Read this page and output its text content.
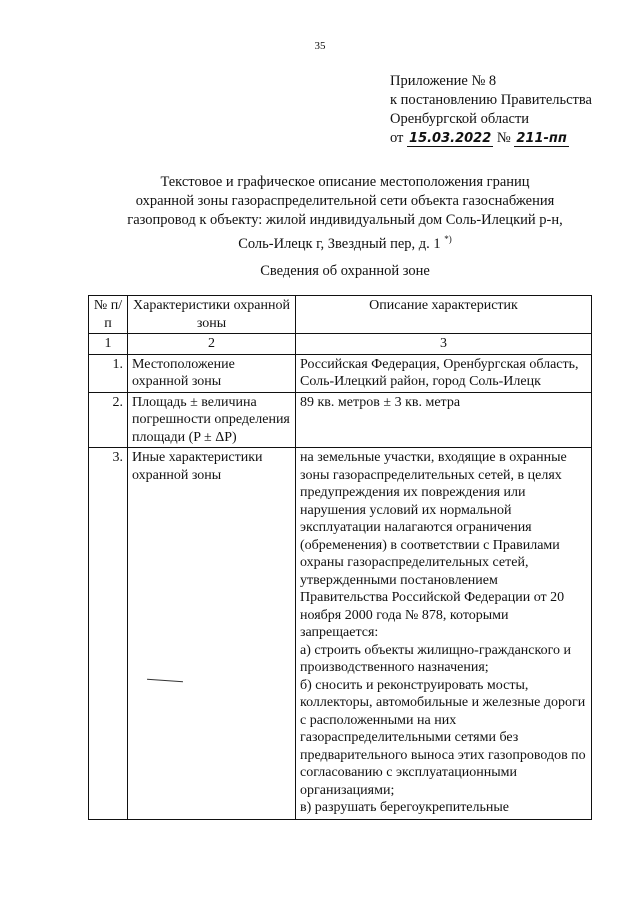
35
Приложение № 8
к постановлению Правительства
Оренбургской области
от 15.03.2022 № 211-пп
Текстовое и графическое описание местоположения границ
охранной зоны газораспределительной сети объекта газоснабжения
газопровод к объекту: жилой индивидуальный дом Соль-Илецкий р-н,
Соль-Илецк г, Звездный пер, д. 1 *)
Сведения об охранной зоне
№ п/п	Характеристики охранной зоны	Описание характеристик
1	2	3
1.	Местоположение охранной зоны	Российская Федерация, Оренбургская область, Соль-Илецкий район, город Соль-Илецк
2.	Площадь ± величина погрешности определения площади (P ± ΔP)	89 кв. метров ± 3 кв. метра
3.	Иные характеристики охранной зоны	на земельные участки, входящие в охранные зоны газораспределительных сетей, в целях предупреждения их повреждения или нарушения условий их нормальной эксплуатации налагаются ограничения (обременения) в соответствии с Правилами охраны газораспределительных сетей, утвержденными постановлением Правительства Российской Федерации от 20 ноября 2000 года № 878, которыми запрещается:
а) строить объекты жилищно-гражданского и производственного назначения;
б) сносить и реконструировать мосты, коллекторы, автомобильные и железные дороги с расположенными на них газораспределительными сетями без предварительного выноса этих газопроводов по согласованию с эксплуатационными организациями;
в) разрушать берегоукрепительные
